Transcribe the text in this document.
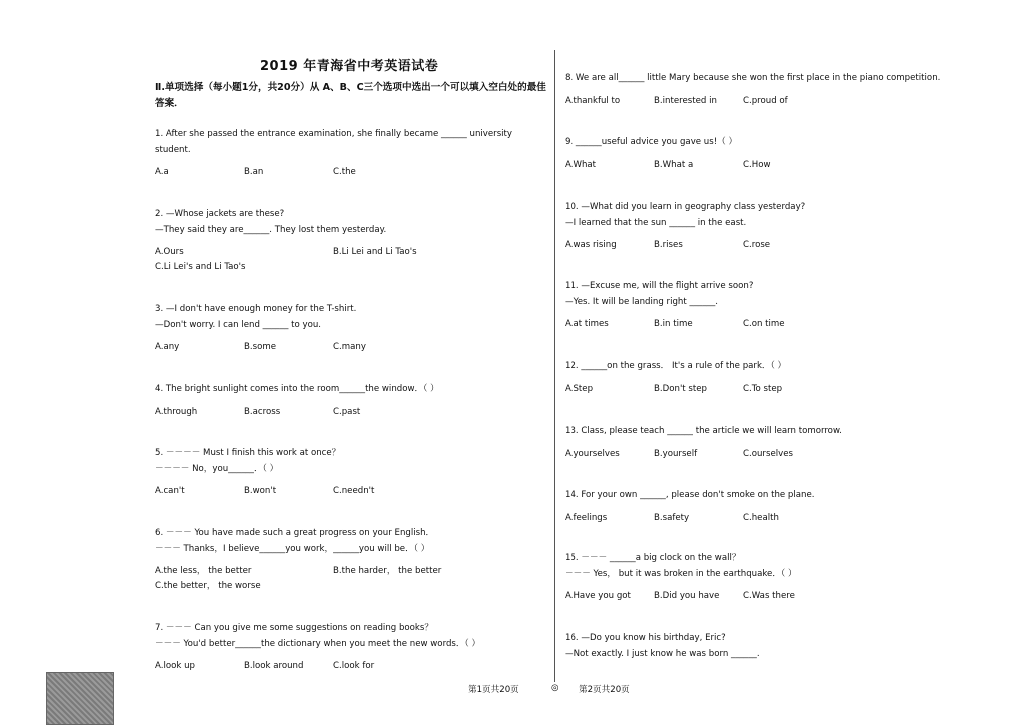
2019 年青海省中考英语试卷
Ⅱ.单项选择（每小题1分，共20分）从 A、B、C三个选项中选出一个可以填入空白处的最佳答案．
1. After she passed the entrance examination, she finally became ______ university
student.
A.a	B.an	C.the
2. —Whose jackets are these?
—They said they are______. They lost them yesterday.
A.Ours	B.Li Lei and Li Tao's
C.Li Lei's and Li Tao's
3. —I don't have enough money for the T-shirt.
—Don't worry. I can lend ______ to you.
A.any	B.some	C.many
4. The bright sunlight comes into the room______the window．（ ）
A.through	B.across	C.past
5. －－－－ Must I finish this work at once？
－－－－ No，you______．（ ）
A.can't	B.won't	C.needn't
6. －－－ You have made such a great progress on your English．
－－－ Thanks，I believe______you work，______you will be．（ ）
A.the less， the better	B.the harder， the better
C.the better， the worse
7. －－－ Can you give me some suggestions on reading books？
－－－ You'd better______the dictionary when you meet the new words．（ ）
A.look up	B.look around	C.look for
8. We are all______ little Mary because she won the first place in the piano competition.
A.thankful to	B.interested in	C.proud of
9. ______useful advice you gave us!（ ）
A.What	B.What a	C.How
10. —What did you learn in geography class yesterday?
—I learned that the sun ______ in the east.
A.was rising	B.rises	C.rose
11. —Excuse me, will the flight arrive soon?
—Yes. It will be landing right ______.
A.at times	B.in time	C.on time
12. ______on the grass． It's a rule of the park．（ ）
A.Step	B.Don't step	C.To step
13. Class, please teach ______ the article we will learn tomorrow.
A.yourselves	B.yourself	C.ourselves
14. For your own ______, please don't smoke on the plane.
A.feelings	B.safety	C.health
15. －－－ ______a big clock on the wall？
－－－ Yes， but it was broken in the earthquake．（ ）
A.Have you got	B.Did you have	C.Was there
16. —Do you know his birthday, Eric?
—Not exactly. I just know he was born ______.
第1页共20页	◎ 第2页共20页
